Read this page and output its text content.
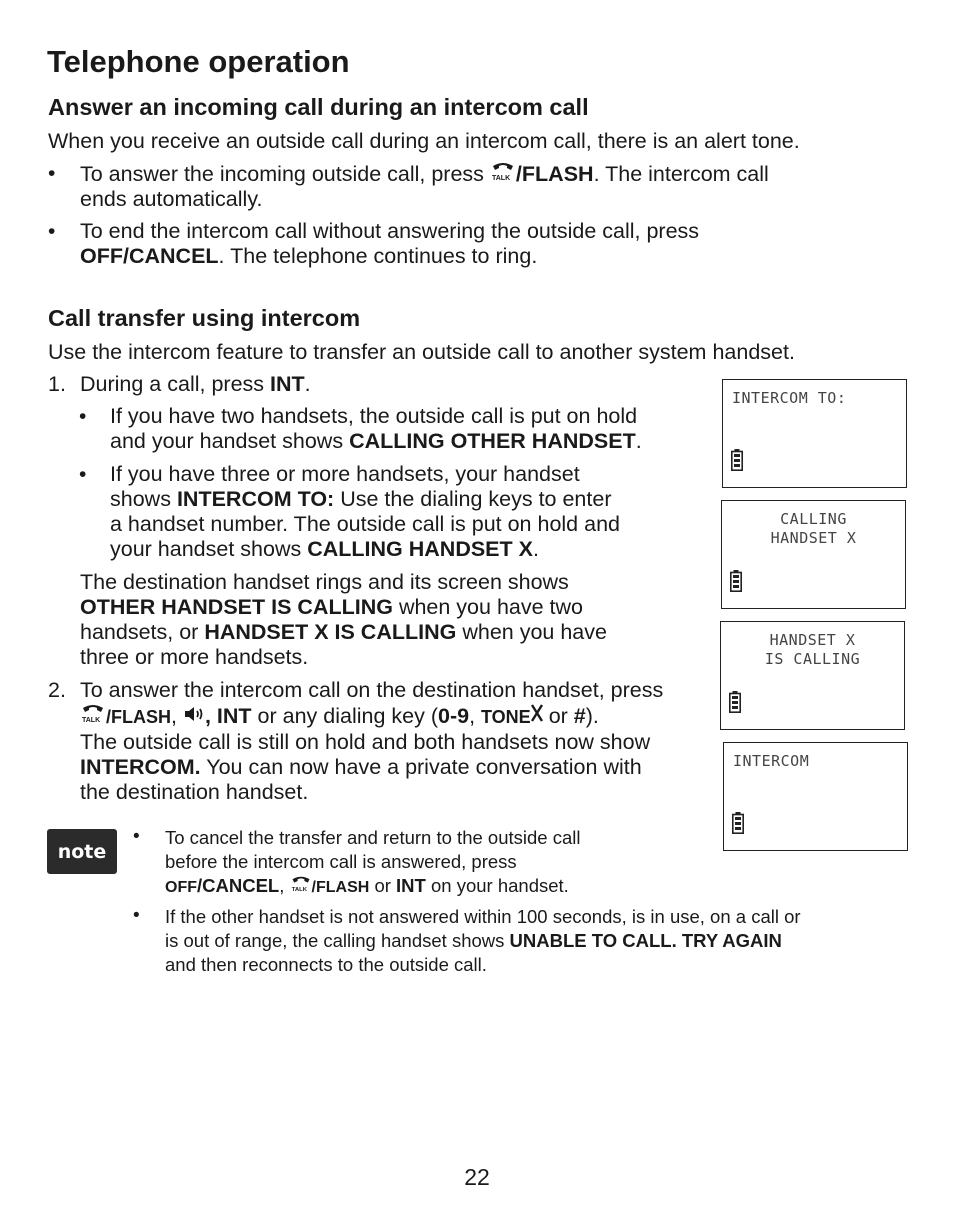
Telephone operation
Answer an incoming call during an intercom call
When you receive an outside call during an intercom call, there is an alert tone.
• To answer the incoming outside call, press TALK /FLASH. The intercom call
ends automatically.
• To end the intercom call without answering the outside call, press
OFF/CANCEL. The telephone continues to ring.
Call transfer using intercom
Use the intercom feature to transfer an outside call to another system handset.
1. During a call, press INT.
• If you have two handsets, the outside call is put on hold
and your handset shows CALLING OTHER HANDSET.
• If you have three or more handsets, your handset
shows INTERCOM TO: Use the dialing keys to enter
a handset number. The outside call is put on hold and
your handset shows CALLING HANDSET X.
The destination handset rings and its screen shows
OTHER HANDSET IS CALLING when you have two
handsets, or HANDSET X IS CALLING when you have
three or more handsets.
2. To answer the intercom call on the destination handset, press

TALK /FLASH, , INT or any dialing key (0-9, TONE or #).
The outside call is still on hold and both handsets now show
INTERCOM. You can now have a private conversation with
the destination handset.
INTERCOM TO:
CALLING
HANDSET X
HANDSET X
IS CALLING
INTERCOM
note
• To cancel the transfer and return to the outside call
before the intercom call is answered, press
OFF/CANCEL, TALK /FLASH or INT on your handset.
• If the other handset is not answered within 100 seconds, is in use, on a call or
is out of range, the calling handset shows UNABLE TO CALL. TRY AGAIN
and then reconnects to the outside call.
22
